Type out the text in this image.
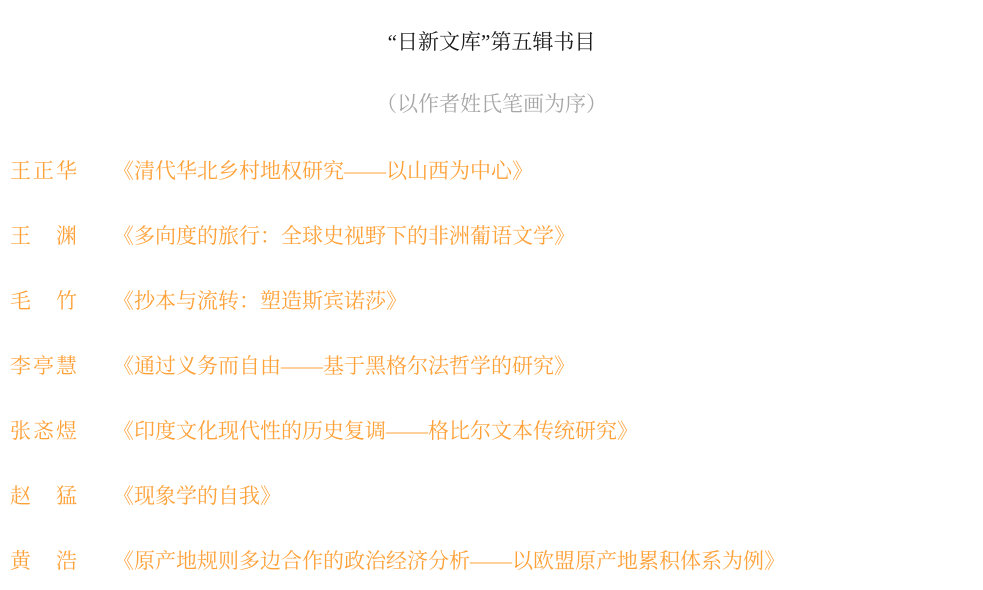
“日新文库”第五辑书目
（以作者姓氏笔画为序）
王 正 华 《清代华北乡村地权研究——以山西为中心》
王 渊 《多向度的旅行：全球史视野下的非洲葡语文学》
毛 竹 《抄本与流转：塑造斯宾诺莎》
李 亭 慧 《通过义务而自由——基于黑格尔法哲学的研究》
张 忞 煜 《印度文化现代性的历史复调——格比尔文本传统研究》
赵 猛 《现象学的自我》
黄 浩 《原产地规则多边合作的政治经济分析——以欧盟原产地累积体系为例》
